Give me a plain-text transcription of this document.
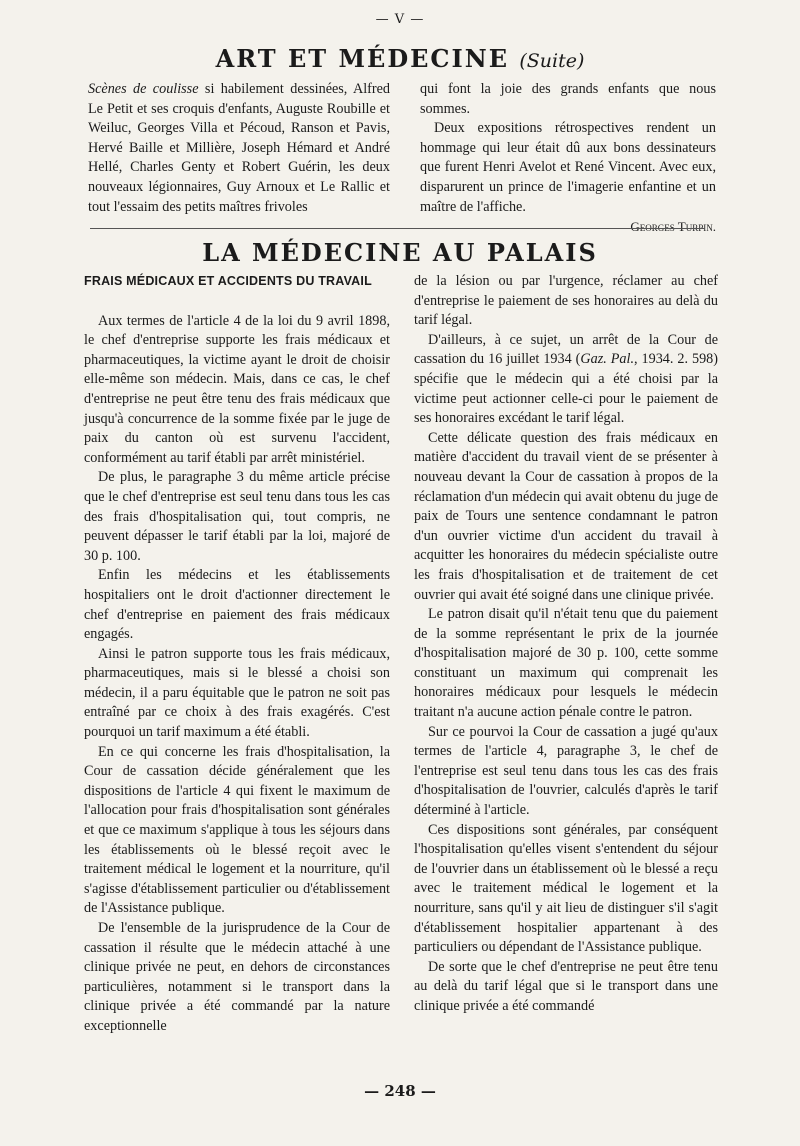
— V —
ART ET MÉDECINE (Suite)

Scènes de coulisse si habilement dessinées, Alfred Le Petit et ses croquis d'enfants, Auguste Roubille et Weiluc, Georges Villa et Pécoud, Ranson et Pavis, Hervé Baille et Millière, Joseph Hémard et André Hellé, Charles Genty et Robert Guérin, les deux nouveaux légionnaires, Guy Arnoux et Le Rallic et tout l'essaim des petits maîtres frivoles

qui font la joie des grands enfants que nous sommes.

Deux expositions rétrospectives rendent un hommage qui leur était dû aux bons dessinateurs que furent Henri Avelot et René Vincent. Avec eux, disparurent un prince de l'imagerie enfantine et un maître de l'affiche.

Georges Turpin.
LA MÉDECINE AU PALAIS
FRAIS MÉDICAUX ET ACCIDENTS DU TRAVAIL

Aux termes de l'article 4 de la loi du 9 avril 1898, le chef d'entreprise supporte les frais médicaux et pharmaceutiques, la victime ayant le droit de choisir elle-même son médecin. Mais, dans ce cas, le chef d'entreprise ne peut être tenu des frais médicaux que jusqu'à concurrence de la somme fixée par le juge de paix du canton où est survenu l'accident, conformément au tarif établi par arrêt ministériel.

De plus, le paragraphe 3 du même article précise que le chef d'entreprise est seul tenu dans tous les cas des frais d'hospitalisation qui, tout compris, ne peuvent dépasser le tarif établi par la loi, majoré de 30 p. 100.

Enfin les médecins et les établissements hospitaliers ont le droit d'actionner directement le chef d'entreprise en paiement des frais médicaux engagés.

Ainsi le patron supporte tous les frais médicaux, pharmaceutiques, mais si le blessé a choisi son médecin, il a paru équitable que le patron ne soit pas entraîné par ce choix à des frais exagérés. C'est pourquoi un tarif maximum a été établi.

En ce qui concerne les frais d'hospitalisation, la Cour de cassation décide généralement que les dispositions de l'article 4 qui fixent le maximum de l'allocation pour frais d'hospitalisation sont générales et que ce maximum s'applique à tous les séjours dans les établissements où le blessé reçoit avec le traitement médical le logement et la nourriture, qu'il s'agisse d'établissement particulier ou d'établissement de l'Assistance publique.

De l'ensemble de la jurisprudence de la Cour de cassation il résulte que le médecin attaché à une clinique privée ne peut, en dehors de circonstances particulières, notamment si le transport dans la clinique privée a été commandé par la nature exceptionnelle

de la lésion ou par l'urgence, réclamer au chef d'entreprise le paiement de ses honoraires au delà du tarif légal.

D'ailleurs, à ce sujet, un arrêt de la Cour de cassation du 16 juillet 1934 (Gaz. Pal., 1934. 2. 598) spécifie que le médecin qui a été choisi par la victime peut actionner celle-ci pour le paiement de ses honoraires excédant le tarif légal.

Cette délicate question des frais médicaux en matière d'accident du travail vient de se présenter à nouveau devant la Cour de cassation à propos de la réclamation d'un médecin qui avait obtenu du juge de paix de Tours une sentence condamnant le patron d'un ouvrier victime d'un accident du travail à acquitter les honoraires du médecin spécialiste outre les frais d'hospitalisation et de traitement de cet ouvrier qui avait été soigné dans une clinique privée.

Le patron disait qu'il n'était tenu que du paiement de la somme représentant le prix de la journée d'hospitalisation majoré de 30 p. 100, cette somme constituant un maximum qui comprenait les honoraires médicaux pour lesquels le médecin traitant n'a aucune action pénale contre le patron.

Sur ce pourvoi la Cour de cassation a jugé qu'aux termes de l'article 4, paragraphe 3, le chef de l'entreprise est seul tenu dans tous les cas des frais d'hospitalisation de l'ouvrier, calculés d'après le tarif déterminé à l'article.

Ces dispositions sont générales, par conséquent l'hospitalisation qu'elles visent s'entendent du séjour de l'ouvrier dans un établissement où le blessé a reçu avec le traitement médical le logement et la nourriture, sans qu'il y ait lieu de distinguer s'il s'agit d'établissement hospitalier appartenant à des particuliers ou dépendant de l'Assistance publique.

De sorte que le chef d'entreprise ne peut être tenu au delà du tarif légal que si le transport dans une clinique privée a été commandé

— 248 —
